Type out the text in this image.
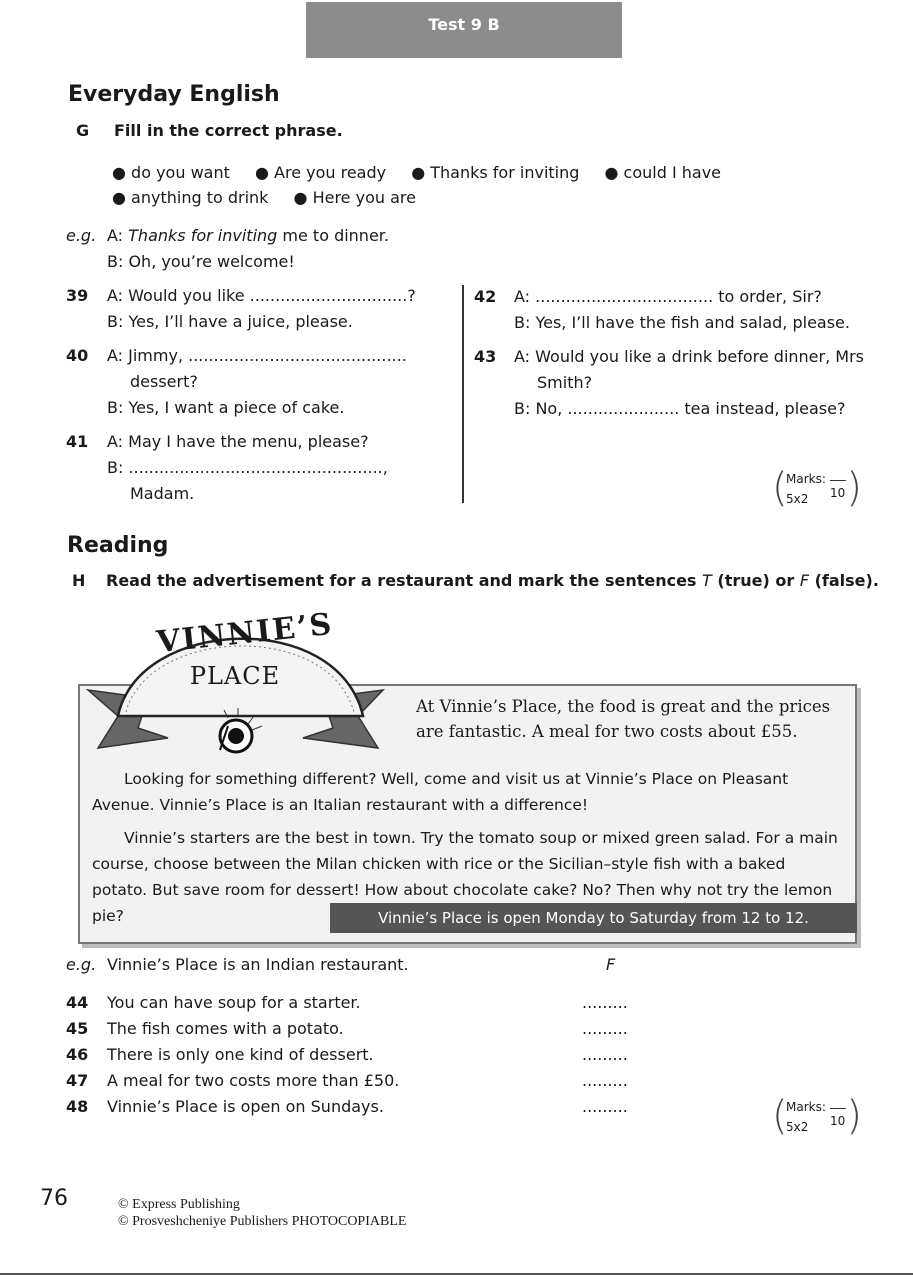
Test 9 B
Everyday English
G Fill in the correct phrase.
● do you want ● Are you ready ● Thanks for inviting ● could I have
● anything to drink ● Here you are
e.g. A: Thanks for inviting me to dinner.
B: Oh, you’re welcome!
39 A: Would you like ...............................?
B: Yes, I’ll have a juice, please.
40 A: Jimmy, ...........................................
dessert?
B: Yes, I want a piece of cake.
41 A: May I have the menu, please?
B: ..................................................,
Madam.
42 A: ................................... to order, Sir?
B: Yes, I’ll have the fish and salad, please.
43 A: Would you like a drink before dinner, Mrs
Smith?
B: No, ...................... tea instead, please?
(
Marks:
5x2 10 )
Reading
H Read the advertisement for a restaurant and mark the sentences T (true) or F (false).
VINNIE’S
PLACE
At Vinnie’s Place, the food is great and the prices are fantastic. A meal for two costs about £55.
Looking for something different? Well, come and visit us at Vinnie’s Place on Pleasant Avenue. Vinnie’s Place is an Italian restaurant with a difference!
Vinnie’s starters are the best in town. Try the tomato soup or mixed green salad. For a main course, choose between the Milan chicken with rice or the Sicilian–style fish with a baked potato. But save room for dessert! How about chocolate cake? No? Then why not try the lemon pie?	Vinnie’s Place is open Monday to Saturday from 12 to 12.
e.g. Vinnie’s Place is an Indian restaurant.	F
44 You can have soup for a starter.	.........
45 The fish comes with a potato.	.........
46 There is only one kind of dessert.	.........
47 A meal for two costs more than £50.	.........
48 Vinnie’s Place is open on Sundays.	.........	(
Marks:
5x2 10 )
76	© Express Publishing
© Prosveshcheniye Publishers PHOTOCOPIABLE
